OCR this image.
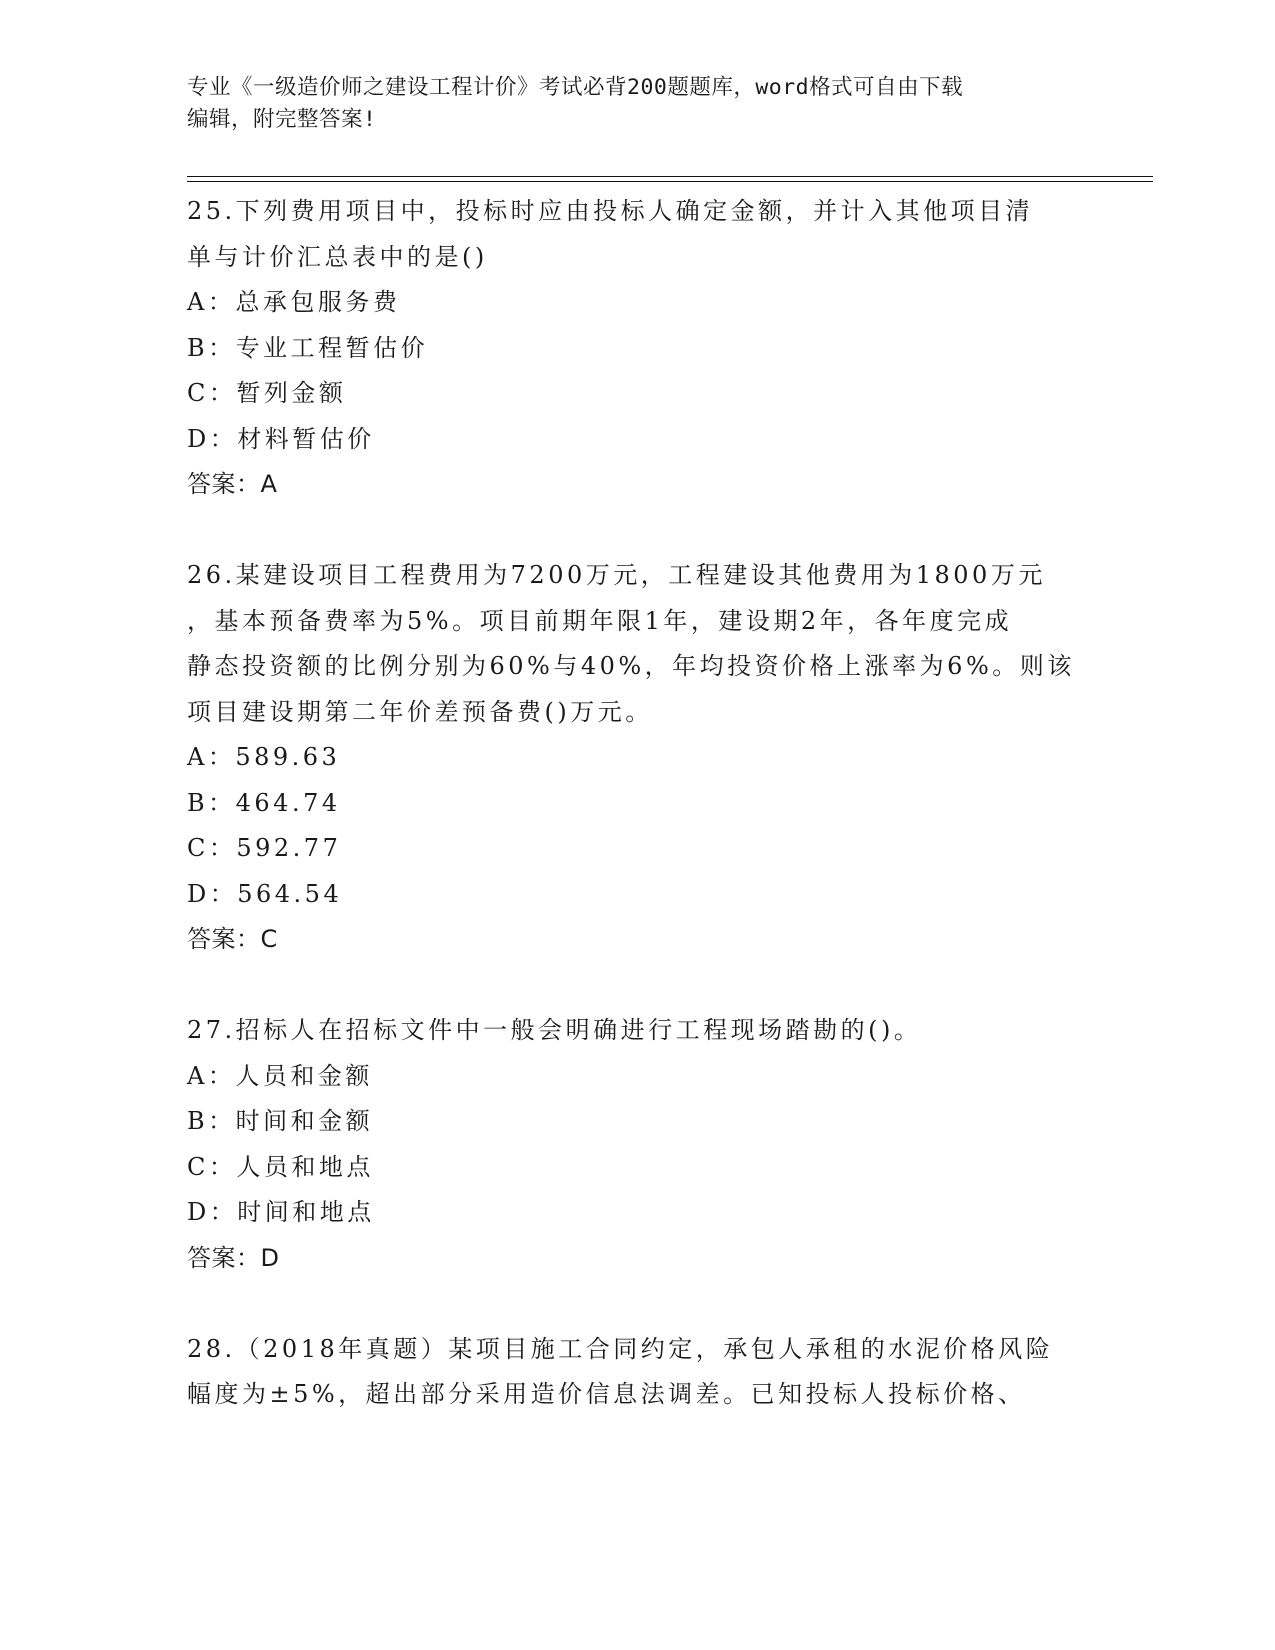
专业《一级造价师之建设工程计价》考试必背200题题库，word格式可自由下载
编辑，附完整答案!
25.下列费用项目中，投标时应由投标人确定金额，并计入其他项目清
单与计价汇总表中的是()
A：总承包服务费
B：专业工程暂估价
C：暂列金额
D：材料暂估价
答案：A
26.某建设项目工程费用为7200万元，工程建设其他费用为1800万元
，基本预备费率为5%。项目前期年限1年，建设期2年，各年度完成
静态投资额的比例分别为60%与40%，年均投资价格上涨率为6%。则该
项目建设期第二年价差预备费()万元。
A：589.63
B：464.74
C：592.77
D：564.54
答案：C
27.招标人在招标文件中一般会明确进行工程现场踏勘的()。
A：人员和金额
B：时间和金额
C：人员和地点
D：时间和地点
答案：D
28.（2018年真题）某项目施工合同约定，承包人承租的水泥价格风险
幅度为±5%，超出部分采用造价信息法调差。已知投标人投标价格、
